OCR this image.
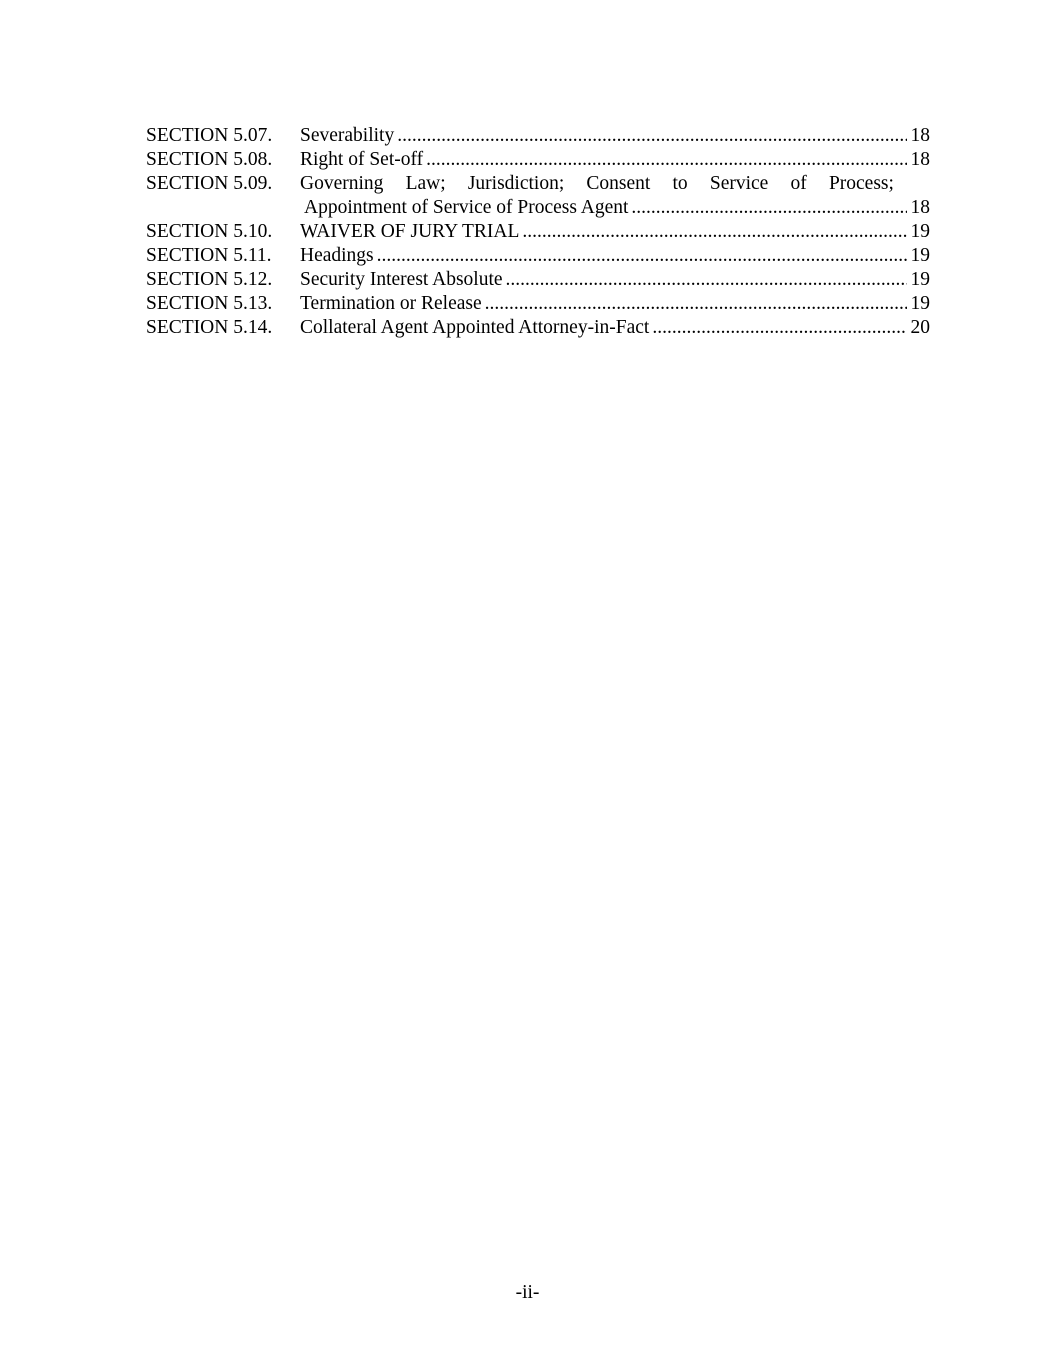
SECTION 5.07. Severability .....	18
SECTION 5.08. Right of Set-off .....	18
SECTION 5.09. Governing Law; Jurisdiction; Consent to Service of Process;
Appointment of Service of Process Agent .....	18
SECTION 5.10. WAIVER OF JURY TRIAL .....	19
SECTION 5.11. Headings .....	19
SECTION 5.12. Security Interest Absolute .....	19
SECTION 5.13. Termination or Release .....	19
SECTION 5.14. Collateral Agent Appointed Attorney-in-Fact .....	20
-ii-
